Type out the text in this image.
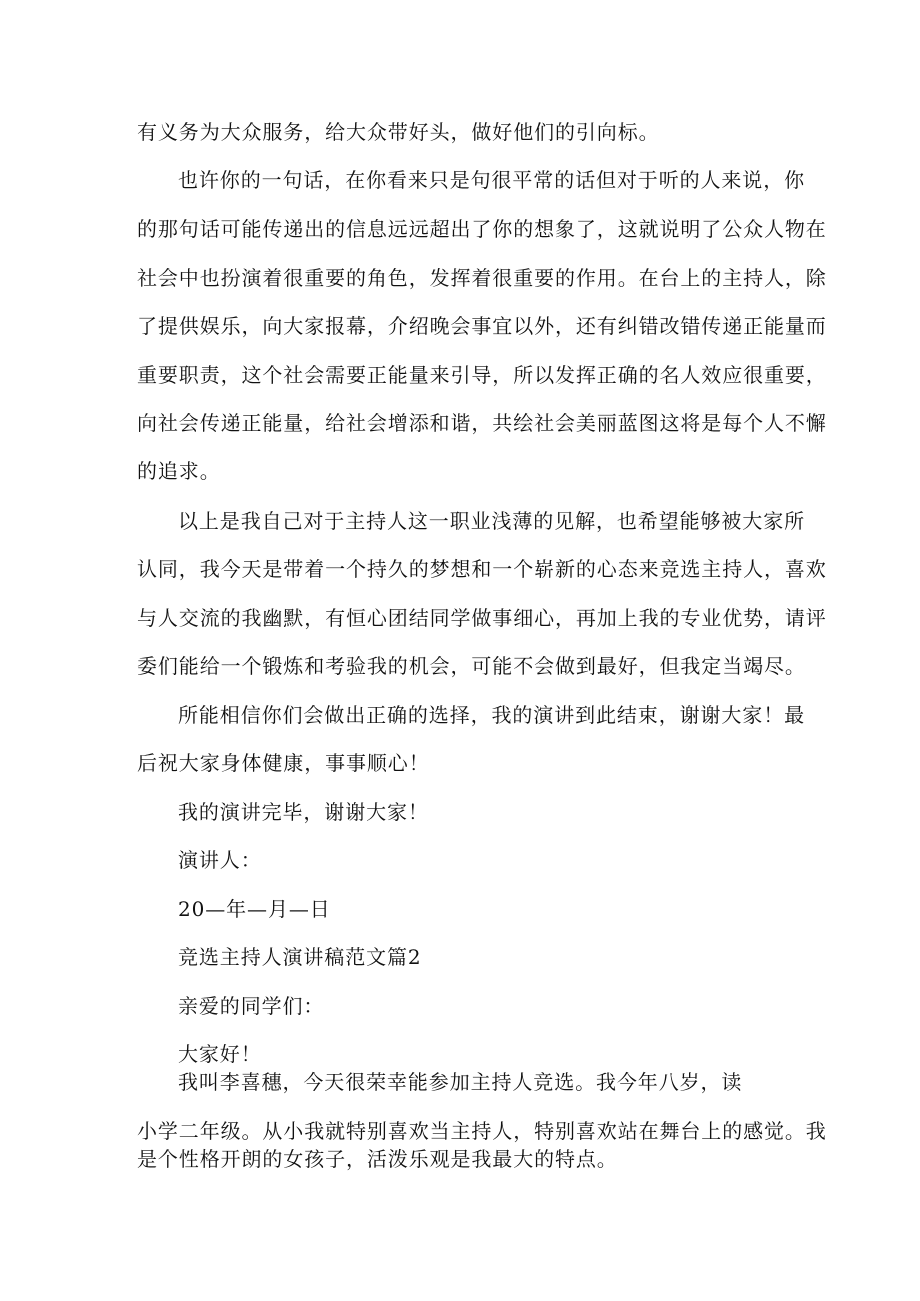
有义务为大众服务，给大众带好头，做好他们的引向标。
也许你的一句话，在你看来只是句很平常的话但对于听的人来说，你
的那句话可能传递出的信息远远超出了你的想象了，这就说明了公众人物在
社会中也扮演着很重要的角色，发挥着很重要的作用。在台上的主持人，除
了提供娱乐，向大家报幕，介绍晚会事宜以外，还有纠错改错传递正能量而
重要职责，这个社会需要正能量来引导，所以发挥正确的名人效应很重要，
向社会传递正能量，给社会增添和谐，共绘社会美丽蓝图这将是每个人不懈
的追求。
以上是我自己对于主持人这一职业浅薄的见解，也希望能够被大家所
认同，我今天是带着一个持久的梦想和一个崭新的心态来竞选主持人，喜欢
与人交流的我幽默，有恒心团结同学做事细心，再加上我的专业优势，请评
委们能给一个锻炼和考验我的机会，可能不会做到最好，但我定当竭尽。
所能相信你们会做出正确的选择，我的演讲到此结束，谢谢大家！最
后祝大家身体健康，事事顺心！
我的演讲完毕，谢谢大家！
演讲人：
20—年—月—日
竞选主持人演讲稿范文篇2
亲爱的同学们：
大家好！
我叫李喜穗，今天很荣幸能参加主持人竞选。我今年八岁，读
小学二年级。从小我就特别喜欢当主持人，特别喜欢站在舞台上的感觉。我
是个性格开朗的女孩子，活泼乐观是我最大的特点。
